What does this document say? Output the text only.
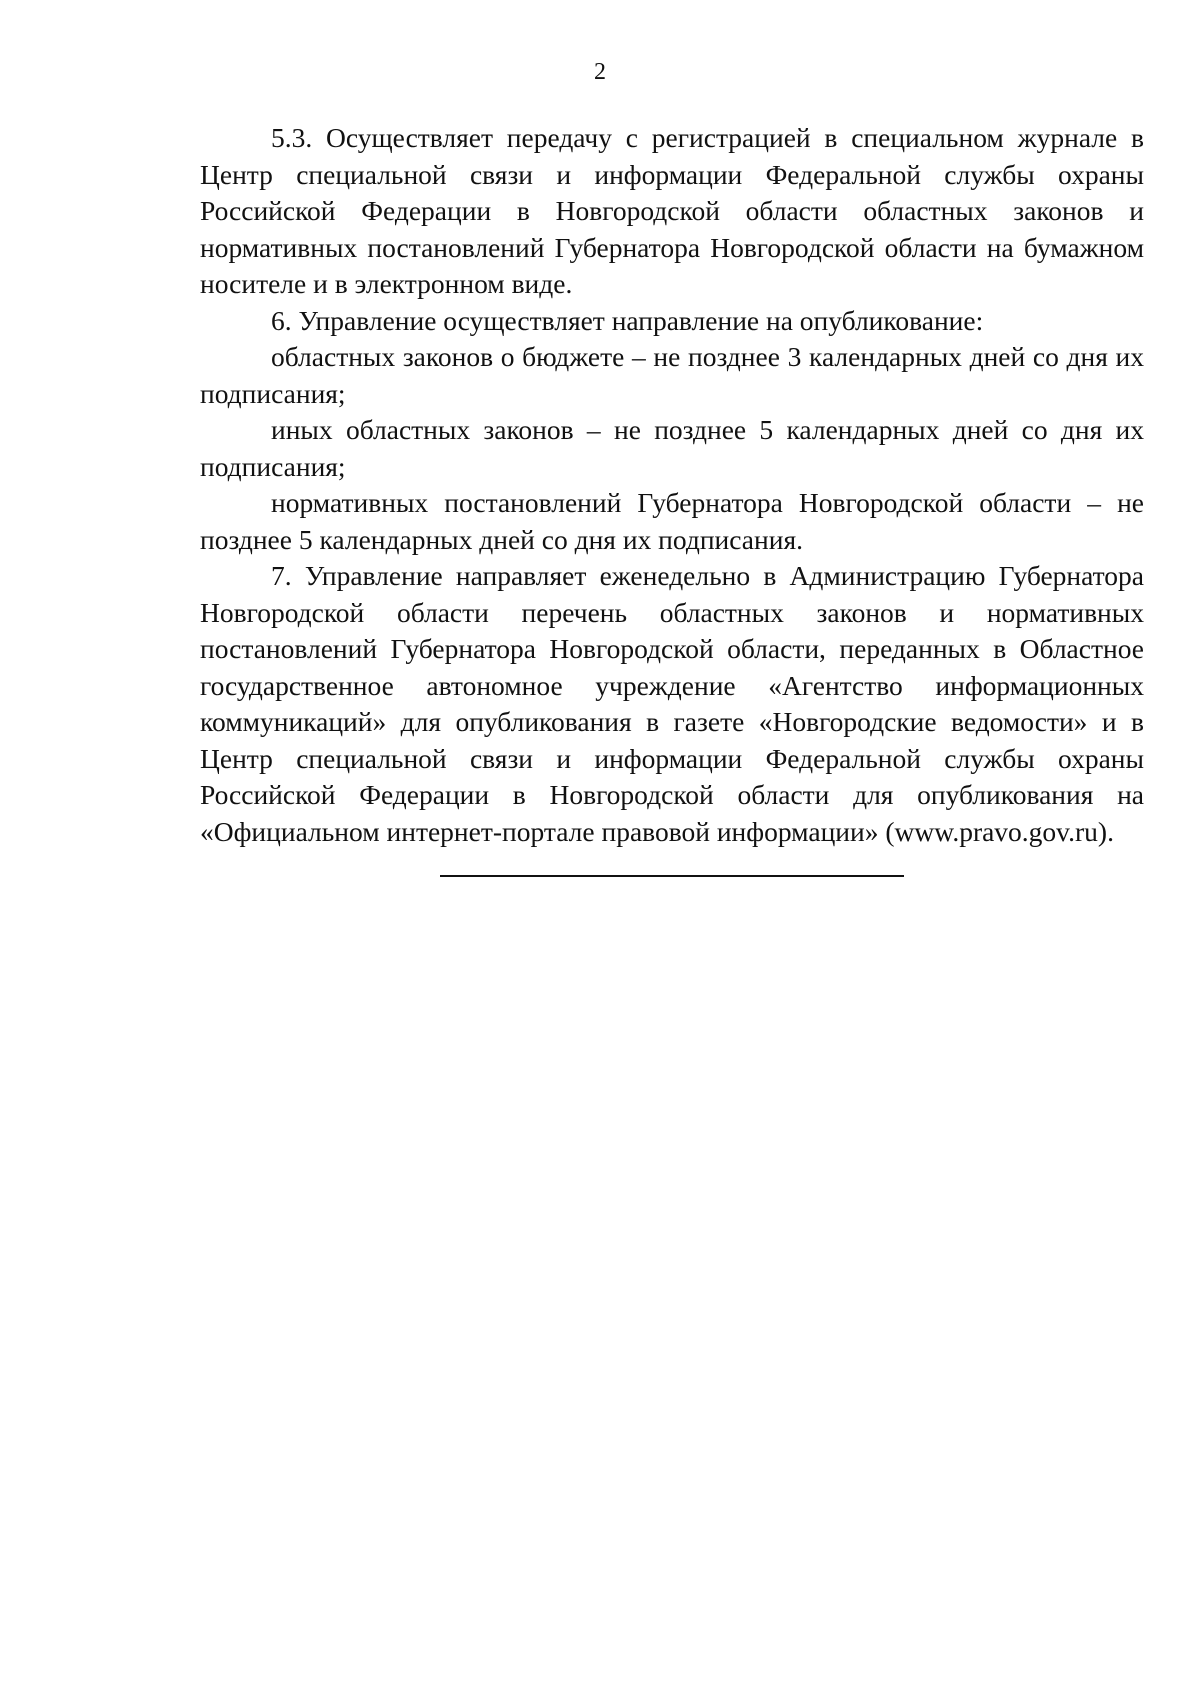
2

5.3. Осуществляет передачу с регистрацией в специальном журнале в Центр специальной связи и информации Федеральной службы охраны Российской Федерации в Новгородской области областных законов и нормативных постановлений Губернатора Новгородской области на бумажном носителе и в электронном виде.

6. Управление осуществляет направление на опубликование:

областных законов о бюджете – не позднее 3 календарных дней со дня их подписания;

иных областных законов – не позднее 5 календарных дней со дня их подписания;

нормативных постановлений Губернатора Новгородской области – не позднее 5 календарных дней со дня их подписания.

7. Управление направляет еженедельно в Администрацию Губернатора Новгородской области перечень областных законов и нормативных постановлений Губернатора Новгородской области, переданных в Областное государственное автономное учреждение «Агентство информационных коммуникаций» для опубликования в газете «Новгородские ведомости» и в Центр специальной связи и информации Федеральной службы охраны Российской Федерации в Новгородской области для опубликования на «Официальном интернет-портале правовой информации» (www.pravo.gov.ru).
